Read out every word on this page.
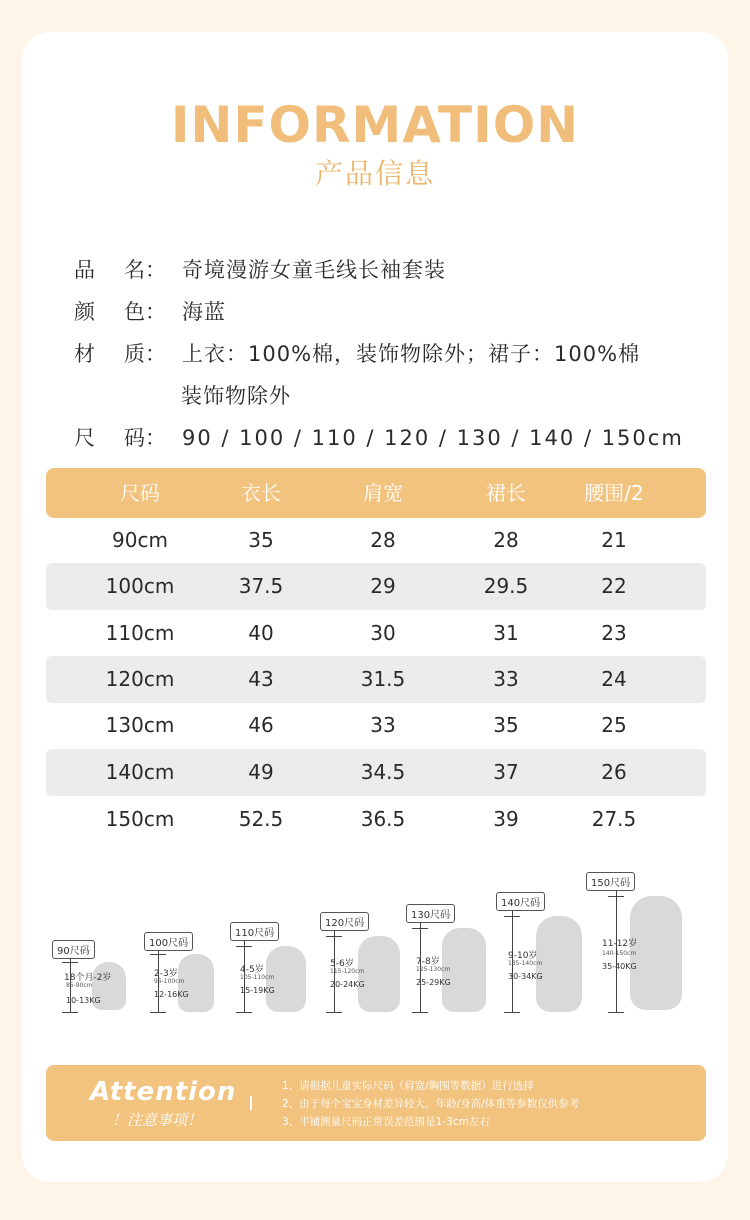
INFORMATION
产品信息
品 名： 奇境漫游女童毛线长袖套装
颜 色： 海蓝
材 质： 上衣：100%棉，装饰物除外；裙子：100%棉
装饰物除外
尺 码： 90 / 100 / 110 / 120 / 130 / 140 / 150cm
尺码	衣长	肩宽	裙长	腰围/2
90cm	35	28	28	21
100cm	37.5	29	29.5	22
110cm	40	30	31	23
120cm	43	31.5	33	24
130cm	46	33	35	25
140cm	49	34.5	37	26
150cm	52.5	36.5	39	27.5
90尺码
18个月-2岁
85-90cm
10-13KG
100尺码
2-3岁
95-100cm
12-16KG
110尺码
4-5岁
105-110cm
15-19KG
120尺码
5-6岁
115-120cm
20-24KG
130尺码
7-8岁
125-130cm
25-29KG
140尺码
9-10岁
135-140cm
30-34KG
150尺码
11-12岁
140-150cm
35-40KG
Attention
！注意事项！
1、请根据儿童实际尺码（肩宽/胸围等数据）进行选择
2、由于每个宝宝身材差异较大，年龄/身高/体重等参数仅供参考
3、平铺测量尺码正常误差范围是1-3cm左右
